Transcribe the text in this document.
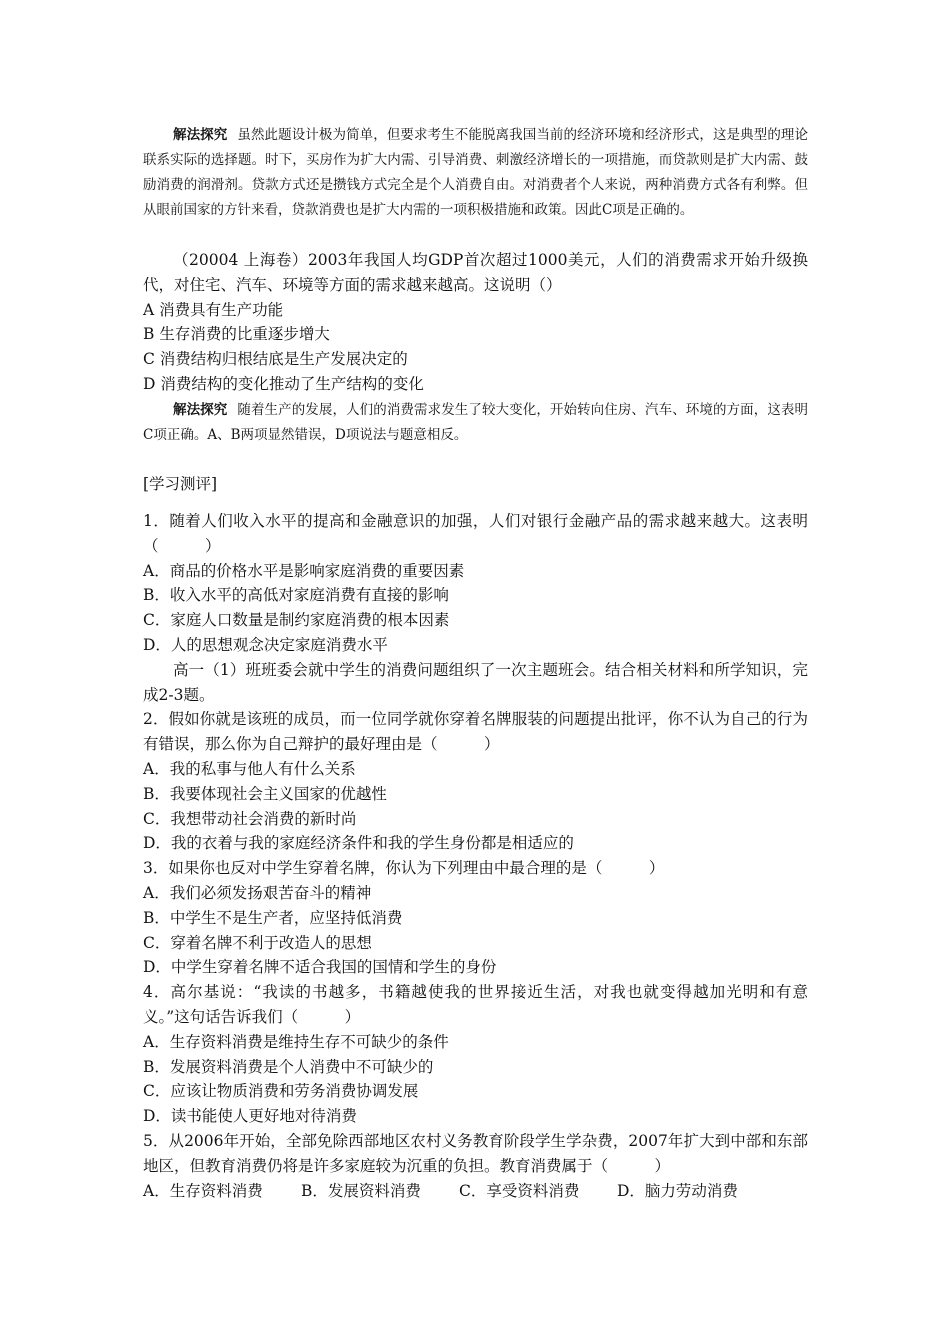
解法探究 虽然此题设计极为简单，但要求考生不能脱离我国当前的经济环境和经济形式，这是典型的理论联系实际的选择题。时下，买房作为扩大内需、引导消费、刺激经济增长的一项措施，而贷款则是扩大内需、鼓励消费的润滑剂。贷款方式还是攒钱方式完全是个人消费自由。对消费者个人来说，两种消费方式各有利弊。但从眼前国家的方针来看，贷款消费也是扩大内需的一项积极措施和政策。因此C项是正确的。

（20004 上海卷）2003年我国人均GDP首次超过1000美元，人们的消费需求开始升级换代，对住宅、汽车、环境等方面的需求越来越高。这说明（）

A 消费具有生产功能

B 生存消费的比重逐步增大

C 消费结构归根结底是生产发展决定的

D 消费结构的变化推动了生产结构的变化

解法探究 随着生产的发展，人们的消费需求发生了较大变化，开始转向住房、汽车、环境的方面，这表明C项正确。A、B两项显然错误，D项说法与题意相反。

[学习测评]

1．随着人们收入水平的提高和金融意识的加强，人们对银行金融产品的需求越来越大。这表明（　　　）

A．商品的价格水平是影响家庭消费的重要因素

B．收入水平的高低对家庭消费有直接的影响

C．家庭人口数量是制约家庭消费的根本因素

D．人的思想观念决定家庭消费水平

高一（1）班班委会就中学生的消费问题组织了一次主题班会。结合相关材料和所学知识，完成2-3题。

2．假如你就是该班的成员，而一位同学就你穿着名牌服装的问题提出批评，你不认为自己的行为有错误，那么你为自己辩护的最好理由是（　　　）

A．我的私事与他人有什么关系

B．我要体现社会主义国家的优越性

C．我想带动社会消费的新时尚

D．我的衣着与我的家庭经济条件和我的学生身份都是相适应的

3．如果你也反对中学生穿着名牌，你认为下列理由中最合理的是（　　　）

A．我们必须发扬艰苦奋斗的精神

B．中学生不是生产者，应坚持低消费

C．穿着名牌不利于改造人的思想

D．中学生穿着名牌不适合我国的国情和学生的身份

4．高尔基说：“我读的书越多，书籍越使我的世界接近生活，对我也就变得越加光明和有意义。”这句话告诉我们（　　　）

A．生存资料消费是维持生存不可缺少的条件

B．发展资料消费是个人消费中不可缺少的

C．应该让物质消费和劳务消费协调发展

D．读书能使人更好地对待消费

5．从2006年开始，全部免除西部地区农村义务教育阶段学生学杂费，2007年扩大到中部和东部地区，但教育消费仍将是许多家庭较为沉重的负担。教育消费属于（　　　）

A．生存资料消费	B．发展资料消费	C．享受资料消费	D．脑力劳动消费
